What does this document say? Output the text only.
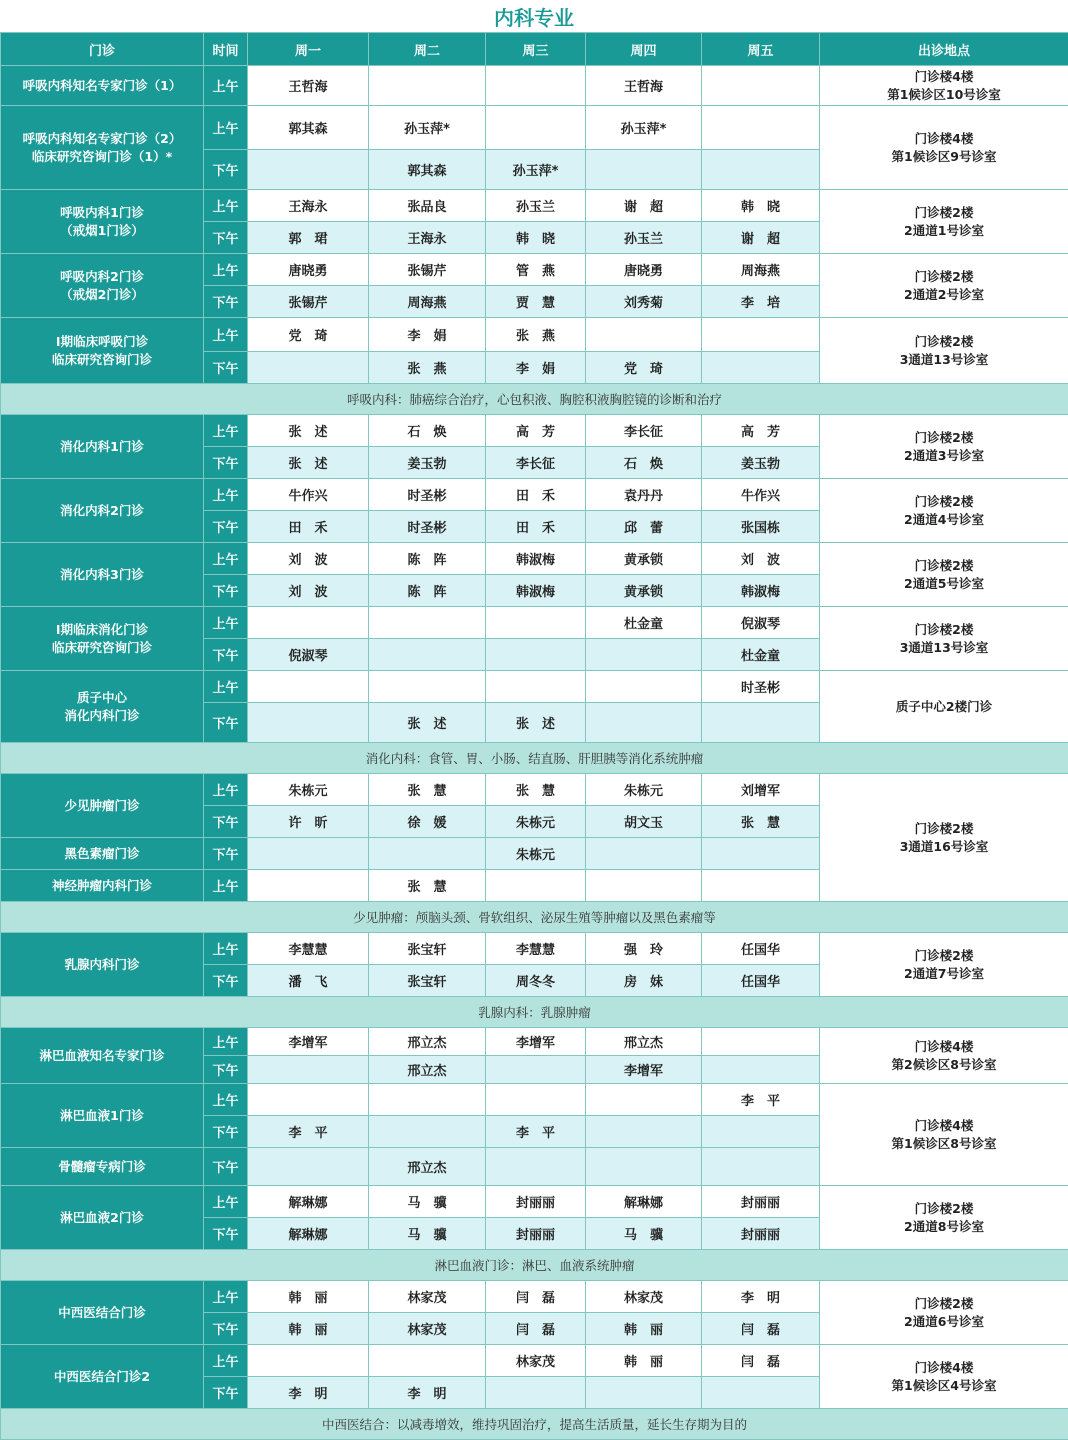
内科专业
门诊	时间	周一	周二	周三	周四	周五	出诊地点
呼吸内科知名专家门诊（1）	上午	王哲海			王哲海		门诊楼4楼
第1候诊区10号诊室
呼吸内科知名专家门诊（2）
临床研究咨询门诊（1）*	上午	郭其森	孙玉萍*		孙玉萍*		门诊楼4楼
第1候诊区9号诊室
	下午		郭其森	孙玉萍*			
呼吸内科1门诊
（戒烟1门诊）	上午	王海永	张品良	孙玉兰	谢　超	韩　晓	门诊楼2楼
2通道1号诊室
	下午	郭　珺	王海永	韩　晓	孙玉兰	谢　超	
呼吸内科2门诊
（戒烟2门诊）	上午	唐晓勇	张锡芹	管　燕	唐晓勇	周海燕	门诊楼2楼
2通道2号诊室
	下午	张锡芹	周海燕	贾　慧	刘秀菊	李　培	
Ⅰ期临床呼吸门诊
临床研究咨询门诊	上午	党　琦	李　娟	张　燕			门诊楼2楼
3通道13号诊室
	下午		张　燕	李　娟	党　琦		
呼吸内科：肺癌综合治疗，心包积液、胸腔积液胸腔镜的诊断和治疗							
消化内科1门诊	上午	张　述	石　焕	高　芳	李长征	高　芳	门诊楼2楼
2通道3号诊室
	下午	张　述	姜玉勃	李长征	石　焕	姜玉勃	
消化内科2门诊	上午	牛作兴	时圣彬	田　禾	袁丹丹	牛作兴	门诊楼2楼
2通道4号诊室
	下午	田　禾	时圣彬	田　禾	邱　蕾	张国栋	
消化内科3门诊	上午	刘　波	陈　阵	韩淑梅	黄承锁	刘　波	门诊楼2楼
2通道5号诊室
	下午	刘　波	陈　阵	韩淑梅	黄承锁	韩淑梅	
Ⅰ期临床消化门诊
临床研究咨询门诊	上午				杜金童	倪淑琴	门诊楼2楼
3通道13号诊室
	下午	倪淑琴				杜金童	
质子中心
消化内科门诊	上午					时圣彬	质子中心2楼门诊
	下午		张　述	张　述			
消化内科：食管、胃、小肠、结直肠、肝胆胰等消化系统肿瘤							
少见肿瘤门诊	上午	朱栋元	张　慧	张　慧	朱栋元	刘增军	门诊楼2楼
3通道16号诊室
	下午	许　昕	徐　媛	朱栋元	胡文玉	张　慧	
黑色素瘤门诊	下午			朱栋元			
神经肿瘤内科门诊	上午		张　慧				
少见肿瘤：颅脑头颈、骨软组织、泌尿生殖等肿瘤以及黑色素瘤等							
乳腺内科门诊	上午	李慧慧	张宝轩	李慧慧	强　玲	任国华	门诊楼2楼
2通道7号诊室
	下午	潘　飞	张宝轩	周冬冬	房　妹	任国华	
乳腺内科：乳腺肿瘤							
淋巴血液知名专家门诊	上午	李增军	邢立杰	李增军	邢立杰		门诊楼4楼
第2候诊区8号诊室
	下午		邢立杰		李增军		
淋巴血液1门诊	上午					李　平	门诊楼4楼
第1候诊区8号诊室
	下午	李　平		李　平			
骨髓瘤专病门诊	下午		邢立杰				
淋巴血液2门诊	上午	解琳娜	马　骥	封丽丽	解琳娜	封丽丽	门诊楼2楼
2通道8号诊室
	下午	解琳娜	马　骥	封丽丽	马　骥	封丽丽	
淋巴血液门诊：淋巴、血液系统肿瘤							
中西医结合门诊	上午	韩　丽	林家茂	闫　磊	林家茂	李　明	门诊楼2楼
2通道6号诊室
	下午	韩　丽	林家茂	闫　磊	韩　丽	闫　磊	
中西医结合门诊2	上午			林家茂	韩　丽	闫　磊	门诊楼4楼
第1候诊区4号诊室
	下午	李　明	李　明				
中西医结合：以减毒增效，维持巩固治疗，提高生活质量，延长生存期为目的							
